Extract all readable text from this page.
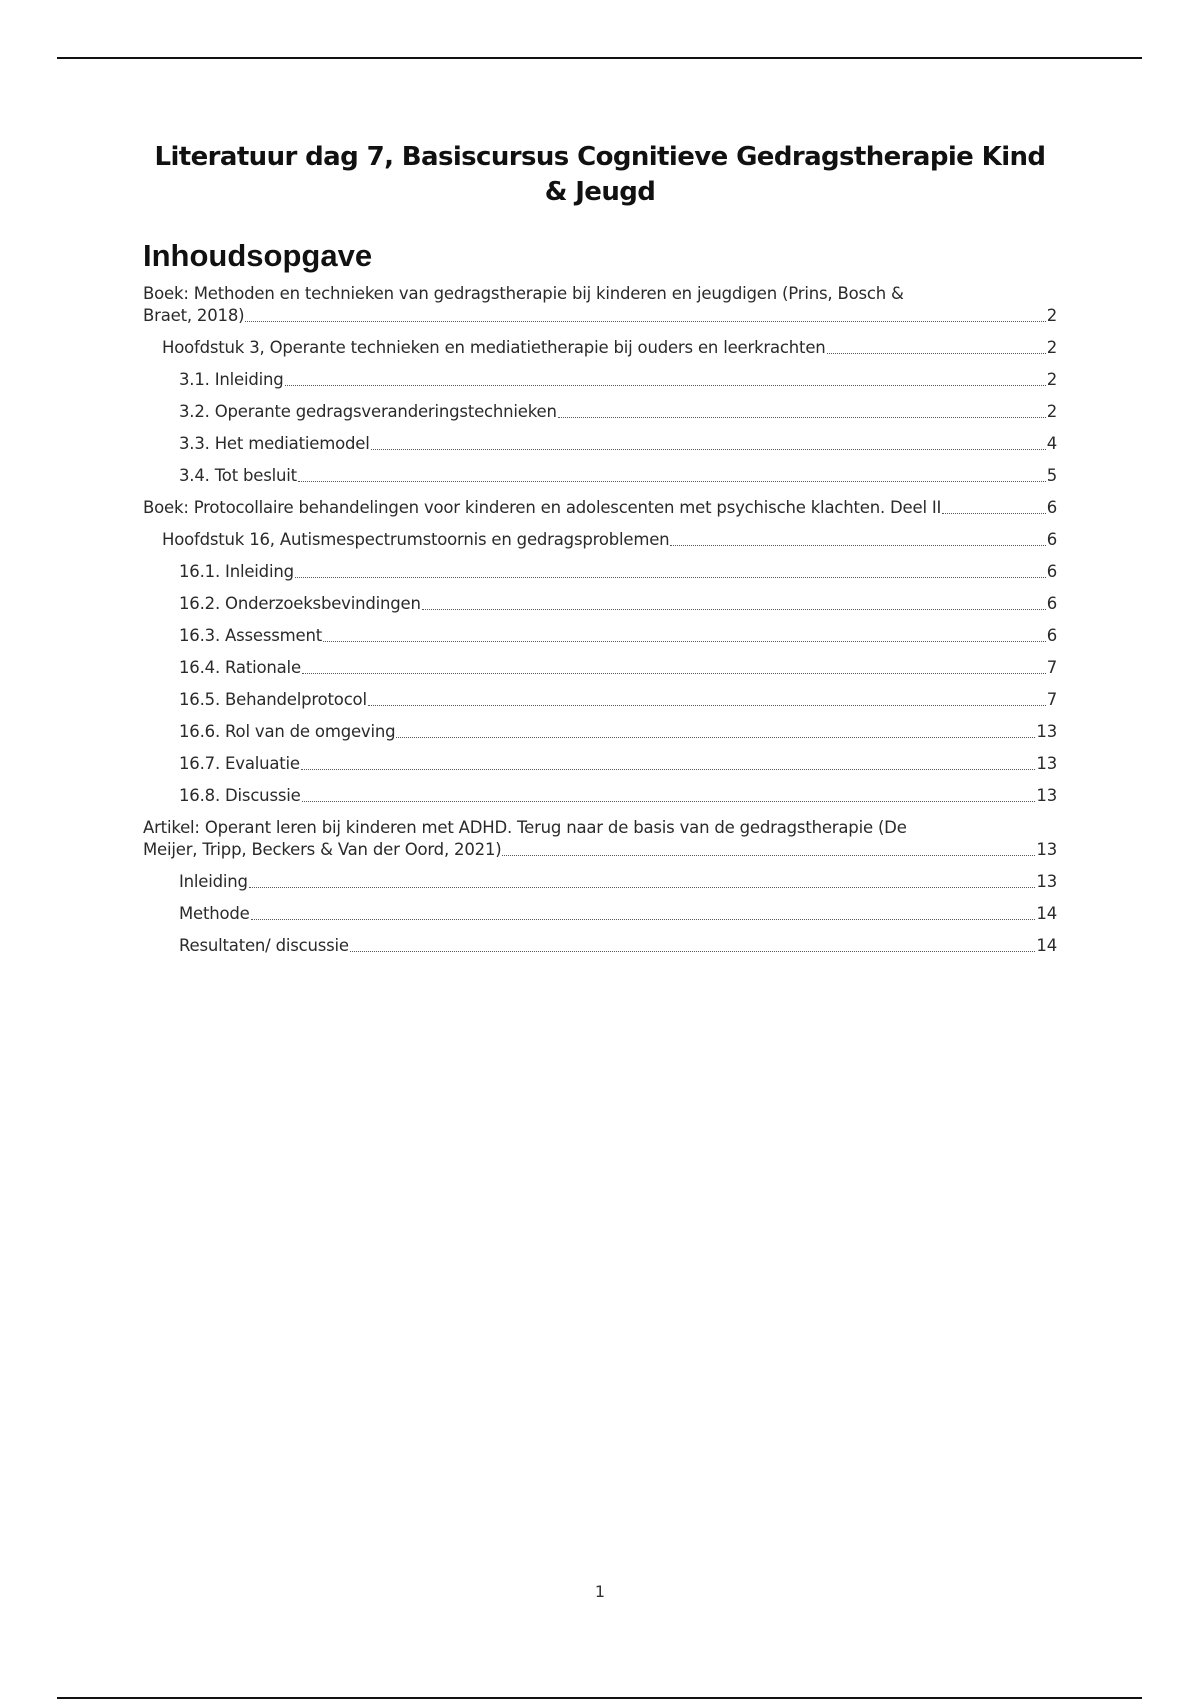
Literatuur dag 7, Basiscursus Cognitieve Gedragstherapie Kind & Jeugd
Inhoudsopgave
Boek: Methoden en technieken van gedragstherapie bij kinderen en jeugdigen (Prins, Bosch &
Braet, 2018)	2
Hoofdstuk 3, Operante technieken en mediatietherapie bij ouders en leerkrachten	2
3.1. Inleiding	2
3.2. Operante gedragsveranderingstechnieken	2
3.3. Het mediatiemodel	4
3.4. Tot besluit	5
Boek: Protocollaire behandelingen voor kinderen en adolescenten met psychische klachten. Deel II	6
Hoofdstuk 16, Autismespectrumstoornis en gedragsproblemen	6
16.1. Inleiding	6
16.2. Onderzoeksbevindingen	6
16.3. Assessment	6
16.4. Rationale	7
16.5. Behandelprotocol	7
16.6. Rol van de omgeving	13
16.7. Evaluatie	13
16.8. Discussie	13
Artikel: Operant leren bij kinderen met ADHD. Terug naar de basis van de gedragstherapie (De
Meijer, Tripp, Beckers & Van der Oord, 2021)	13
Inleiding	13
Methode	14
Resultaten/ discussie	14
1
